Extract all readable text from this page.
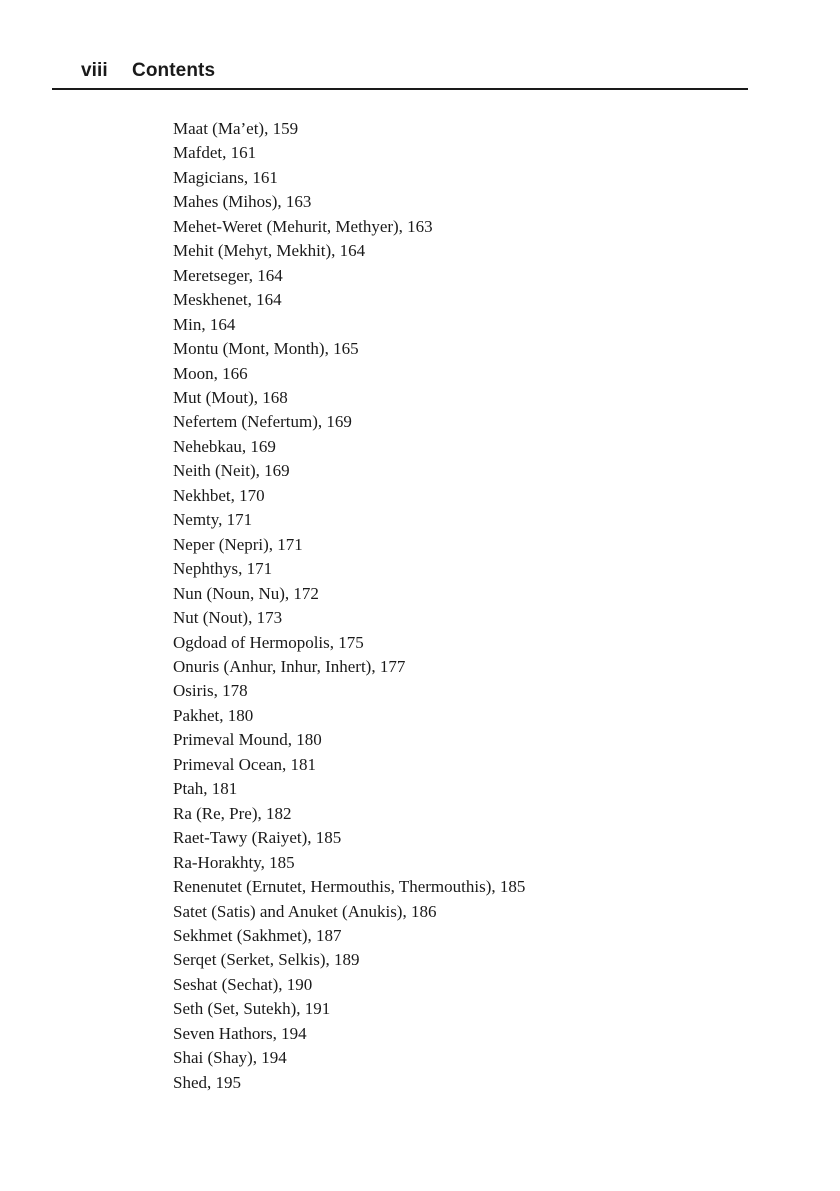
viii	Contents
Maat (Ma’et), 159
Mafdet, 161
Magicians, 161
Mahes (Mihos), 163
Mehet-Weret (Mehurit, Methyer), 163
Mehit (Mehyt, Mekhit), 164
Meretseger, 164
Meskhenet, 164
Min, 164
Montu (Mont, Month), 165
Moon, 166
Mut (Mout), 168
Nefertem (Nefertum), 169
Nehebkau, 169
Neith (Neit), 169
Nekhbet, 170
Nemty, 171
Neper (Nepri), 171
Nephthys, 171
Nun (Noun, Nu), 172
Nut (Nout), 173
Ogdoad of Hermopolis, 175
Onuris (Anhur, Inhur, Inhert), 177
Osiris, 178
Pakhet, 180
Primeval Mound, 180
Primeval Ocean, 181
Ptah, 181
Ra (Re, Pre), 182
Raet-Tawy (Raiyet), 185
Ra-Horakhty, 185
Renenutet (Ernutet, Hermouthis, Thermouthis), 185
Satet (Satis) and Anuket (Anukis), 186
Sekhmet (Sakhmet), 187
Serqet (Serket, Selkis), 189
Seshat (Sechat), 190
Seth (Set, Sutekh), 191
Seven Hathors, 194
Shai (Shay), 194
Shed, 195
